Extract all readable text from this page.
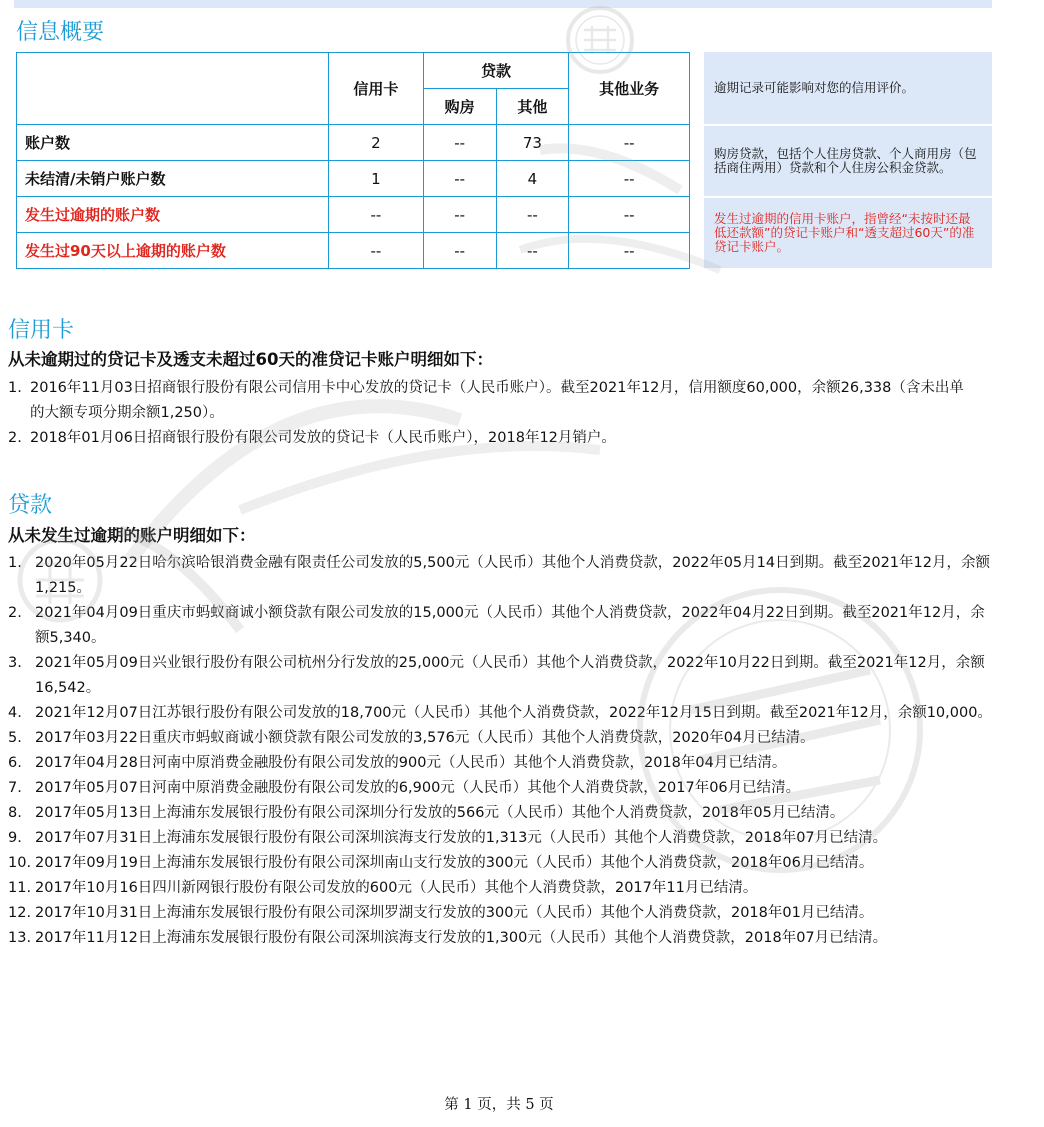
信息概要
	信用卡	贷款		其他业务
		购房	其他	
账户数	2	--	73	--
未结清/未销户账户数	1	--	4	--
发生过逾期的账户数	--	--	--	--
发生过90天以上逾期的账户数	--	--	--	--
逾期记录可能影响对您的信用评价。
购房贷款，包括个人住房贷款、个人商用房（包括商住两用）贷款和个人住房公积金贷款。
发生过逾期的信用卡账户，指曾经“未按时还最低还款额”的贷记卡账户和“透支超过60天”的准贷记卡账户。
信用卡
从未逾期过的贷记卡及透支未超过60天的准贷记卡账户明细如下：
1. 2016年11月03日招商银行股份有限公司信用卡中心发放的贷记卡（人民币账户）。截至2021年12月，信用额度60,000，余额26,338（含未出单的大额专项分期余额1,250）。
2. 2018年01月06日招商银行股份有限公司发放的贷记卡（人民币账户），2018年12月销户。
贷款
从未发生过逾期的账户明细如下：
1. 2020年05月22日哈尔滨哈银消费金融有限责任公司发放的5,500元（人民币）其他个人消费贷款，2022年05月14日到期。截至2021年12月，余额1,215。
2. 2021年04月09日重庆市蚂蚁商诚小额贷款有限公司发放的15,000元（人民币）其他个人消费贷款，2022年04月22日到期。截至2021年12月，余额5,340。
3. 2021年05月09日兴业银行股份有限公司杭州分行发放的25,000元（人民币）其他个人消费贷款，2022年10月22日到期。截至2021年12月，余额16,542。
4. 2021年12月07日江苏银行股份有限公司发放的18,700元（人民币）其他个人消费贷款，2022年12月15日到期。截至2021年12月，余额10,000。
5. 2017年03月22日重庆市蚂蚁商诚小额贷款有限公司发放的3,576元（人民币）其他个人消费贷款，2020年04月已结清。
6. 2017年04月28日河南中原消费金融股份有限公司发放的900元（人民币）其他个人消费贷款，2018年04月已结清。
7. 2017年05月07日河南中原消费金融股份有限公司发放的6,900元（人民币）其他个人消费贷款，2017年06月已结清。
8. 2017年05月13日上海浦东发展银行股份有限公司深圳分行发放的566元（人民币）其他个人消费贷款，2018年05月已结清。
9. 2017年07月31日上海浦东发展银行股份有限公司深圳滨海支行发放的1,313元（人民币）其他个人消费贷款，2018年07月已结清。
10. 2017年09月19日上海浦东发展银行股份有限公司深圳南山支行发放的300元（人民币）其他个人消费贷款，2018年06月已结清。
11. 2017年10月16日四川新网银行股份有限公司发放的600元（人民币）其他个人消费贷款，2017年11月已结清。
12. 2017年10月31日上海浦东发展银行股份有限公司深圳罗湖支行发放的300元（人民币）其他个人消费贷款，2018年01月已结清。
13. 2017年11月12日上海浦东发展银行股份有限公司深圳滨海支行发放的1,300元（人民币）其他个人消费贷款，2018年07月已结清。
第 1 页，共 5 页
